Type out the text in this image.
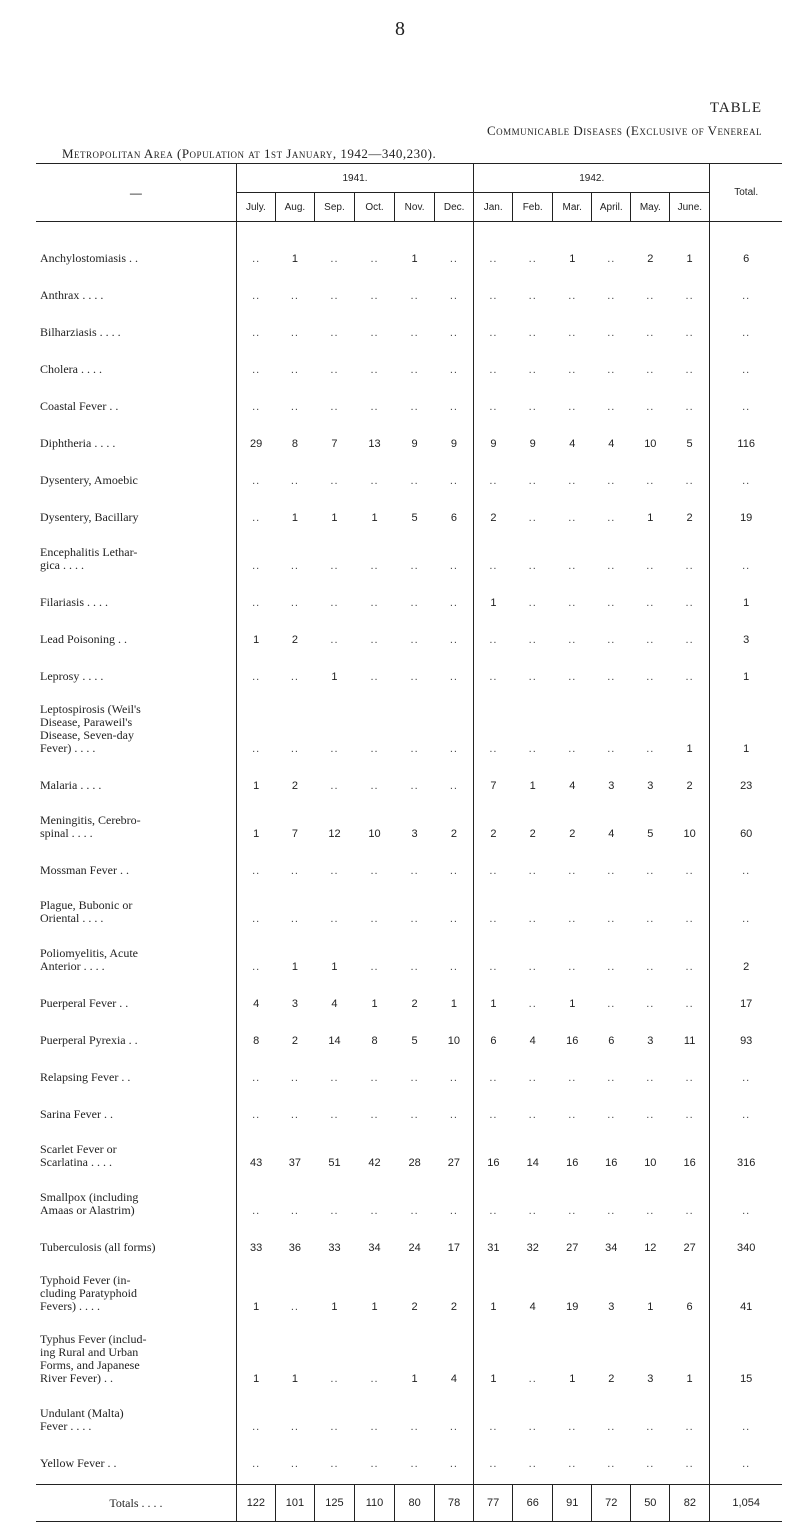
8
TABLE
Communicable Diseases (Exclusive of Venereal
Metropolitan Area (Population at 1st January, 1942—340,230).
—	1941.						1942.						Total.
	July.	Aug.	Sep.	Oct.	Nov.	Dec.	Jan.	Feb.	Mar.	April.	May.	June.	

Anchylostomiasis . .	..	1	..	..	1	..	..	..	1	..	2	1	6
Anthrax . . . .	..	..	..	..	..	..	..	..	..	..	..	..	..
Bilharziasis . . . .	..	..	..	..	..	..	..	..	..	..	..	..	..
Cholera . . . .	..	..	..	..	..	..	..	..	..	..	..	..	..
Coastal Fever . .	..	..	..	..	..	..	..	..	..	..	..	..	..
Diphtheria . . . .	29	8	7	13	9	9	9	9	4	4	10	5	116
Dysentery, Amoebic	..	..	..	..	..	..	..	..	..	..	..	..	..
Dysentery, Bacillary	..	1	1	1	5	6	2	..	..	..	1	2	19
Encephalitis Lethar-
gica . . . .	..	..	..	..	..	..	..	..	..	..	..	..	..
Filariasis . . . .	..	..	..	..	..	..	1	..	..	..	..	..	1
Lead Poisoning . .	1	2	..	..	..	..	..	..	..	..	..	..	3
Leprosy . . . .	..	..	1	..	..	..	..	..	..	..	..	..	1
Leptospirosis (Weil's
Disease, Paraweil's
Disease, Seven-day
Fever) . . . .	..	..	..	..	..	..	..	..	..	..	..	1	1
Malaria . . . .	1	2	..	..	..	..	7	1	4	3	3	2	23
Meningitis, Cerebro-
spinal . . . .	1	7	12	10	3	2	2	2	2	4	5	10	60
Mossman Fever . .	..	..	..	..	..	..	..	..	..	..	..	..	..
Plague, Bubonic or
Oriental . . . .	..	..	..	..	..	..	..	..	..	..	..	..	..
Poliomyelitis, Acute
Anterior . . . .	..	1	1	..	..	..	..	..	..	..	..	..	2
Puerperal Fever . .	4	3	4	1	2	1	1	..	1	..	..	..	17
Puerperal Pyrexia . .	8	2	14	8	5	10	6	4	16	6	3	11	93
Relapsing Fever . .	..	..	..	..	..	..	..	..	..	..	..	..	..
Sarina Fever . .	..	..	..	..	..	..	..	..	..	..	..	..	..
Scarlet Fever or
Scarlatina . . . .	43	37	51	42	28	27	16	14	16	16	10	16	316
Smallpox (including
Amaas or Alastrim)	..	..	..	..	..	..	..	..	..	..	..	..	..
Tuberculosis (all forms)	33	36	33	34	24	17	31	32	27	34	12	27	340
Typhoid Fever (in-
cluding Paratyphoid
Fevers) . . . .	1	..	1	1	2	2	1	4	19	3	1	6	41
Typhus Fever (includ-
ing Rural and Urban
Forms, and Japanese
River Fever) . .	1	1	..	..	1	4	1	..	1	2	3	1	15
Undulant (Malta)
Fever . . . .	..	..	..	..	..	..	..	..	..	..	..	..	..
Yellow Fever . .	..	..	..	..	..	..	..	..	..	..	..	..	..

Totals . . . .	122	101	125	110	80	78	77	66	91	72	50	82	1,054
